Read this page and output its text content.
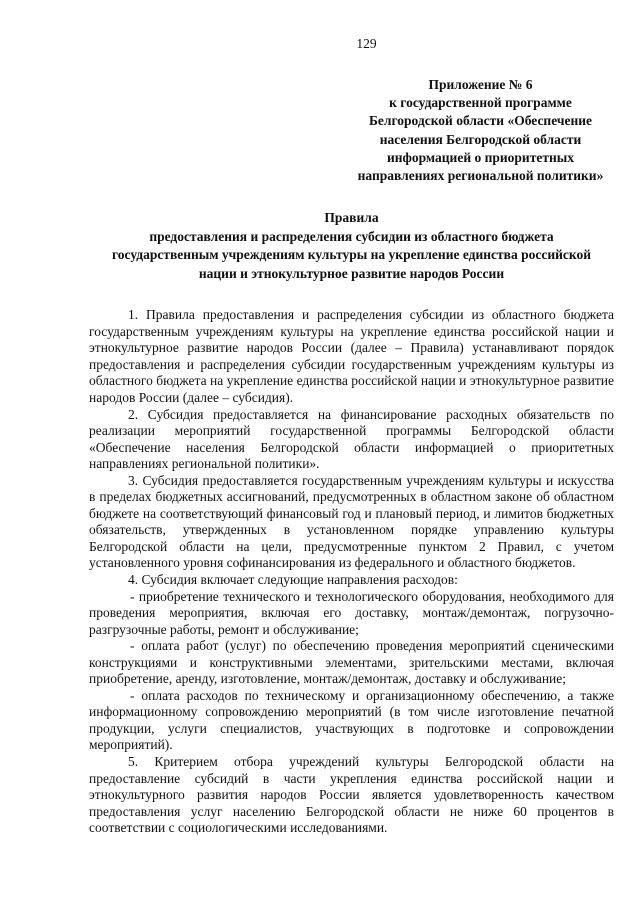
129
Приложение № 6
к государственной программе
Белгородской области «Обеспечение
населения Белгородской области
информацией о приоритетных
направлениях региональной политики»
Правила
предоставления и распределения субсидии из областного бюджета
государственным учреждениям культуры на укрепление единства российской
нации и этнокультурное развитие народов России

1. Правила предоставления и распределения субсидии из областного бюджета государственным учреждениям культуры на укрепление единства российской нации и этнокультурное развитие народов России (далее – Правила) устанавливают порядок предоставления и распределения субсидии государственным учреждениям культуры из областного бюджета на укрепление единства российской нации и этнокультурное развитие народов России (далее – субсидия).

2. Субсидия предоставляется на финансирование расходных обязательств по реализации мероприятий государственной программы Белгородской области «Обеспечение населения Белгородской области информацией о приоритетных направлениях региональной политики».

3. Субсидия предоставляется государственным учреждениям культуры и искусства в пределах бюджетных ассигнований, предусмотренных в областном законе об областном бюджете на соответствующий финансовый год и плановый период, и лимитов бюджетных обязательств, утвержденных в установленном порядке управлению культуры Белгородской области на цели, предусмотренные пунктом 2 Правил, с учетом установленного уровня софинансирования из федерального и областного бюджетов.

4. Субсидия включает следующие направления расходов:

- приобретение технического и технологического оборудования, необходимого для проведения мероприятия, включая его доставку, монтаж/демонтаж, погрузочно-разгрузочные работы, ремонт и обслуживание;

- оплата работ (услуг) по обеспечению проведения мероприятий сценическими конструкциями и конструктивными элементами, зрительскими местами, включая приобретение, аренду, изготовление, монтаж/демонтаж, доставку и обслуживание;

- оплата расходов по техническому и организационному обеспечению, а также информационному сопровождению мероприятий (в том числе изготовление печатной продукции, услуги специалистов, участвующих в подготовке и сопровождении мероприятий).

5. Критерием отбора учреждений культуры Белгородской области на предоставление субсидий в части укрепления единства российской нации и этнокультурного развития народов России является удовлетворенность качеством предоставления услуг населению Белгородской области не ниже 60 процентов в соответствии с социологическими исследованиями.
